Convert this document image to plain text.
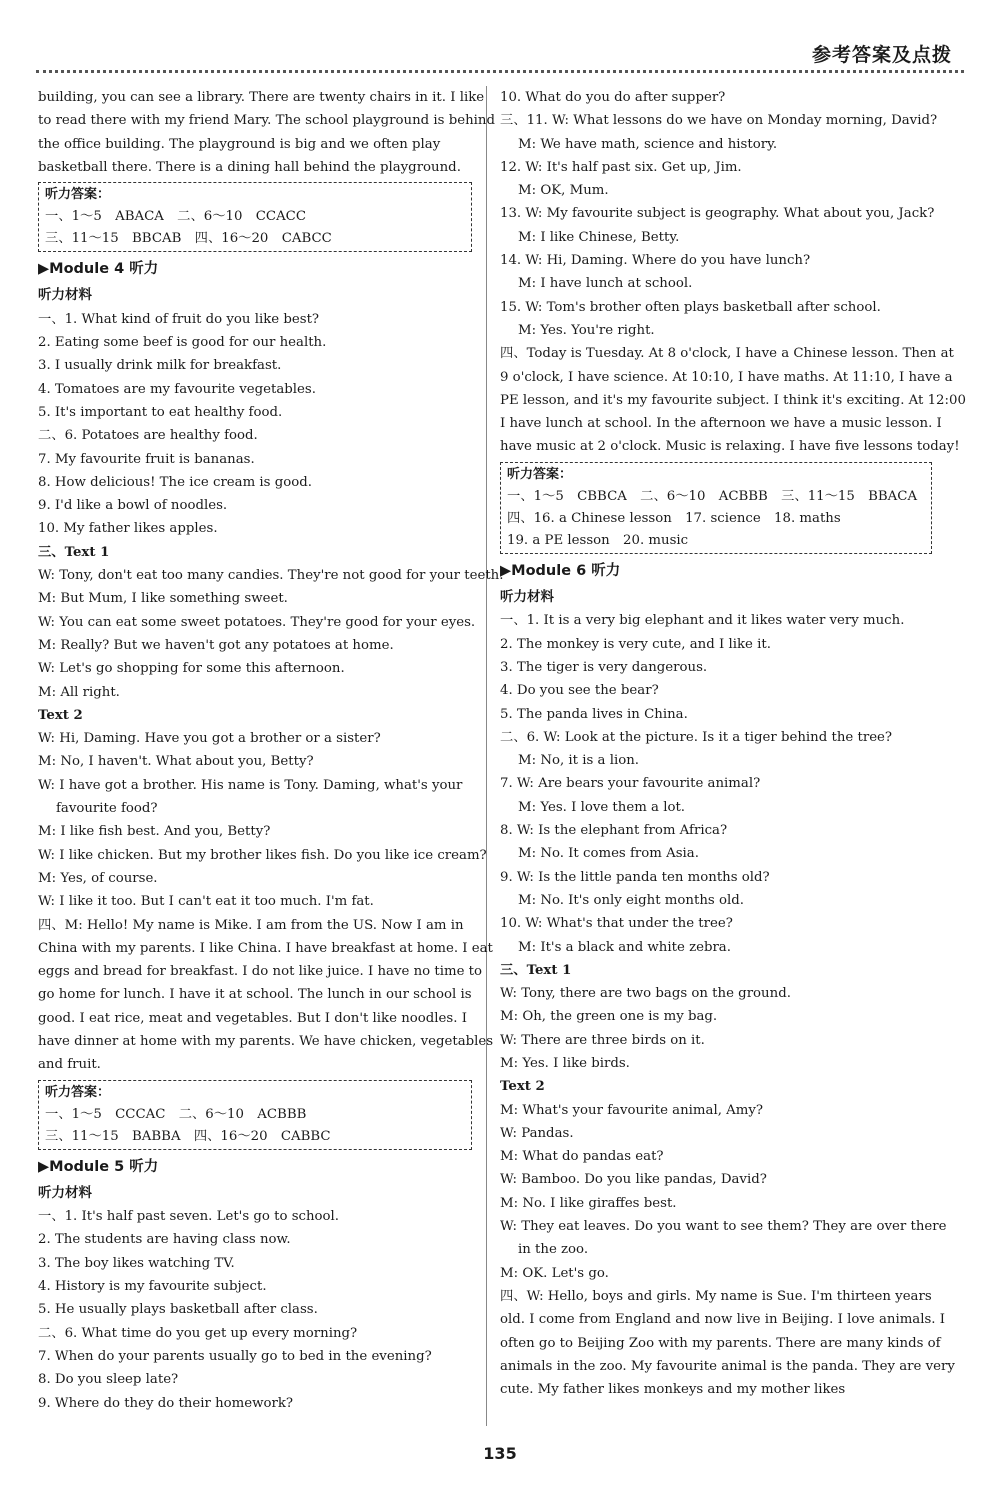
参考答案及点拨
building, you can see a library. There are twenty chairs in it. I like
to read there with my friend Mary. The school playground is behind
the office building. The playground is big and we often play
basketball there. There is a dining hall behind the playground.
听力答案：
一、1～5　ABACA　二、6～10　CCACC
三、11～15　BBCAB　四、16～20　CABCC
▶Module 4 听力
听力材料
一、1. What kind of fruit do you like best?
2. Eating some beef is good for our health.
3. I usually drink milk for breakfast.
4. Tomatoes are my favourite vegetables.
5. It's important to eat healthy food.
二、6. Potatoes are healthy food.
7. My favourite fruit is bananas.
8. How delicious! The ice cream is good.
9. I'd like a bowl of noodles.
10. My father likes apples.
三、Text 1
W: Tony, don't eat too many candies. They're not good for your teeth.
M: But Mum, I like something sweet.
W: You can eat some sweet potatoes. They're good for your eyes.
M: Really? But we haven't got any potatoes at home.
W: Let's go shopping for some this afternoon.
M: All right.
Text 2
W: Hi, Daming. Have you got a brother or a sister?
M: No, I haven't. What about you, Betty?
W: I have got a brother. His name is Tony. Daming, what's your
favourite food?
M: I like fish best. And you, Betty?
W: I like chicken. But my brother likes fish. Do you like ice cream?
M: Yes, of course.
W: I like it too. But I can't eat it too much. I'm fat.
四、M: Hello! My name is Mike. I am from the US. Now I am in
China with my parents. I like China. I have breakfast at home. I eat
eggs and bread for breakfast. I do not like juice. I have no time to
go home for lunch. I have it at school. The lunch in our school is
good. I eat rice, meat and vegetables. But I don't like noodles. I
have dinner at home with my parents. We have chicken, vegetables
and fruit.
听力答案：
一、1～5　CCCAC　二、6～10　ACBBB
三、11～15　BABBA　四、16～20　CABBC
▶Module 5 听力
听力材料
一、1. It's half past seven. Let's go to school.
2. The students are having class now.
3. The boy likes watching TV.
4. History is my favourite subject.
5. He usually plays basketball after class.
二、6. What time do you get up every morning?
7. When do your parents usually go to bed in the evening?
8. Do you sleep late?
9. Where do they do their homework?
10. What do you do after supper?
三、11. W: What lessons do we have on Monday morning, David?
M: We have math, science and history.
12. W: It's half past six. Get up, Jim.
M: OK, Mum.
13. W: My favourite subject is geography. What about you, Jack?
M: I like Chinese, Betty.
14. W: Hi, Daming. Where do you have lunch?
M: I have lunch at school.
15. W: Tom's brother often plays basketball after school.
M: Yes. You're right.
四、Today is Tuesday. At 8 o'clock, I have a Chinese lesson. Then at
9 o'clock, I have science. At 10:10, I have maths. At 11:10, I have a
PE lesson, and it's my favourite subject. I think it's exciting. At 12:00
I have lunch at school. In the afternoon we have a music lesson. I
have music at 2 o'clock. Music is relaxing. I have five lessons today!
听力答案：
一、1～5　CBBCA　二、6～10　ACBBB　三、11～15　BBACA
四、16. a Chinese lesson　17. science　18. maths
19. a PE lesson　20. music
▶Module 6 听力
听力材料
一、1. It is a very big elephant and it likes water very much.
2. The monkey is very cute, and I like it.
3. The tiger is very dangerous.
4. Do you see the bear?
5. The panda lives in China.
二、6. W: Look at the picture. Is it a tiger behind the tree?
M: No, it is a lion.
7. W: Are bears your favourite animal?
M: Yes. I love them a lot.
8. W: Is the elephant from Africa?
M: No. It comes from Asia.
9. W: Is the little panda ten months old?
M: No. It's only eight months old.
10. W: What's that under the tree?
M: It's a black and white zebra.
三、Text 1
W: Tony, there are two bags on the ground.
M: Oh, the green one is my bag.
W: There are three birds on it.
M: Yes. I like birds.
Text 2
M: What's your favourite animal, Amy?
W: Pandas.
M: What do pandas eat?
W: Bamboo. Do you like pandas, David?
M: No. I like giraffes best.
W: They eat leaves. Do you want to see them? They are over there
in the zoo.
M: OK. Let's go.
四、W: Hello, boys and girls. My name is Sue. I'm thirteen years
old. I come from England and now live in Beijing. I love animals. I
often go to Beijing Zoo with my parents. There are many kinds of
animals in the zoo. My favourite animal is the panda. They are very
cute. My father likes monkeys and my mother likes
135
